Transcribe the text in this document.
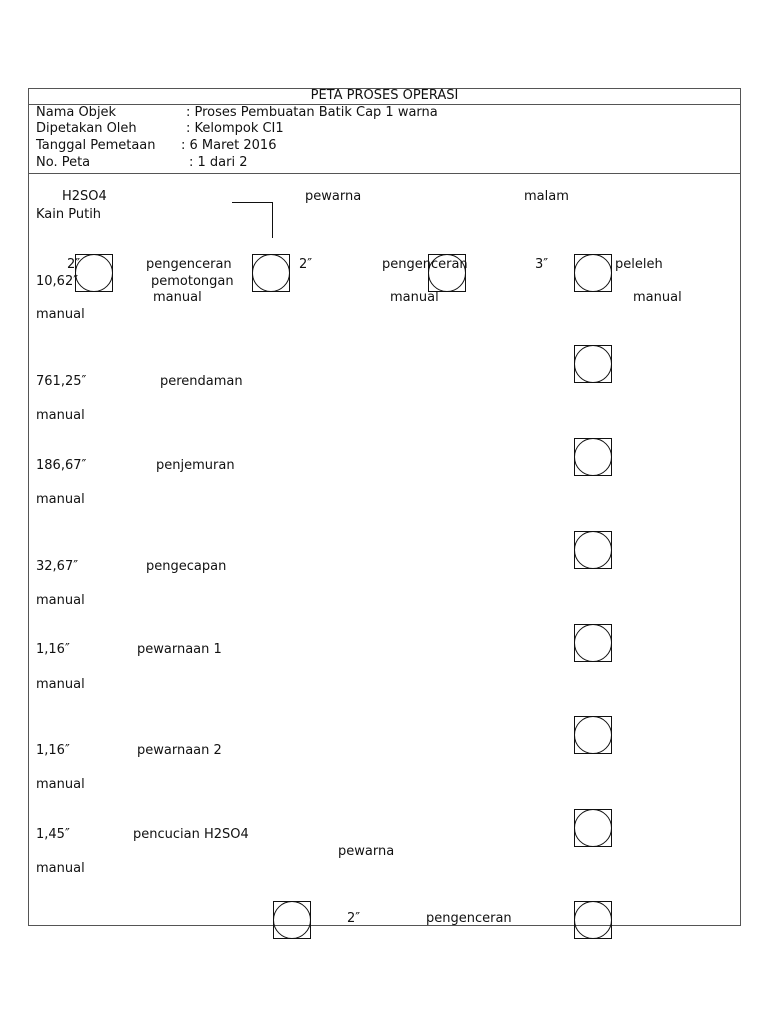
PETA PROSES OPERASI
Nama Objek	: Proses Pembuatan Batik Cap 1 warna
Dipetakan Oleh	: Kelompok CI1
Tanggal Pemetaan : 6 Maret 2016
No. Peta	: 1 dari 2
H2SO4
Kain Putih
pewarna	malam
2″	pengenceran	2″	pengenceran
manual
3″	peleleh
manual
10,62″	pemotongan
manual
manual
761,25″	perendaman
manual
186,67″	penjemuran
manual
32,67″	pengecapan
manual
1,16″	pewarnaan 1
manual
1,16″	pewarnaan 2
manual
1,45″	pencucian H2SO4
manual
pewarna
2″	pengenceran
